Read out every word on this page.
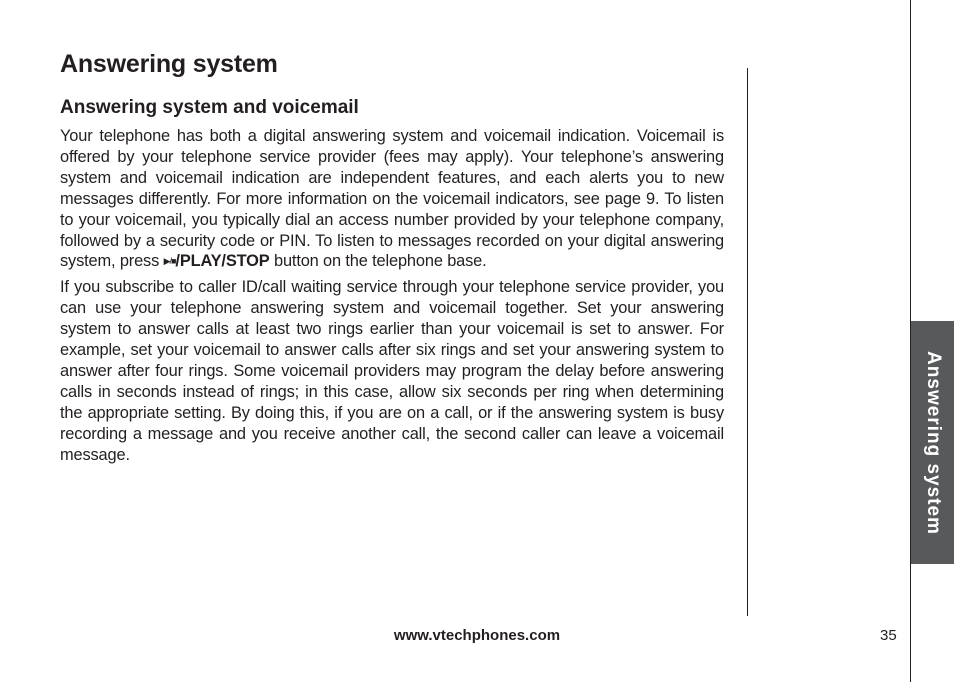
Answering system
Answering system and voicemail

Your telephone has both a digital answering system and voicemail indication. Voicemail is offered by your telephone service provider (fees may apply). Your telephone’s answering system and voicemail indication are independent features, and each alerts you to new messages differently. For more information on the voicemail indicators, see page 9. To listen to your voicemail, you typically dial an access number provided by your telephone company, followed by a security code or PIN. To listen to messages recorded on your digital answering system, press ▶/■/PLAY/STOP button on the telephone base.

If you subscribe to caller ID/call waiting service through your telephone service provider, you can use your telephone answering system and voicemail together. Set your answering system to answer calls at least two rings earlier than your voicemail is set to answer. For example, set your voicemail to answer calls after six rings and set your answering system to answer after four rings. Some voicemail providers may program the delay before answering calls in seconds instead of rings; in this case, allow six seconds per ring when determining the appropriate setting. By doing this, if you are on a call, or if the answering system is busy recording a message and you receive another call, the second caller can leave a voicemail message.	Answering system
www.vtechphones.com	35
